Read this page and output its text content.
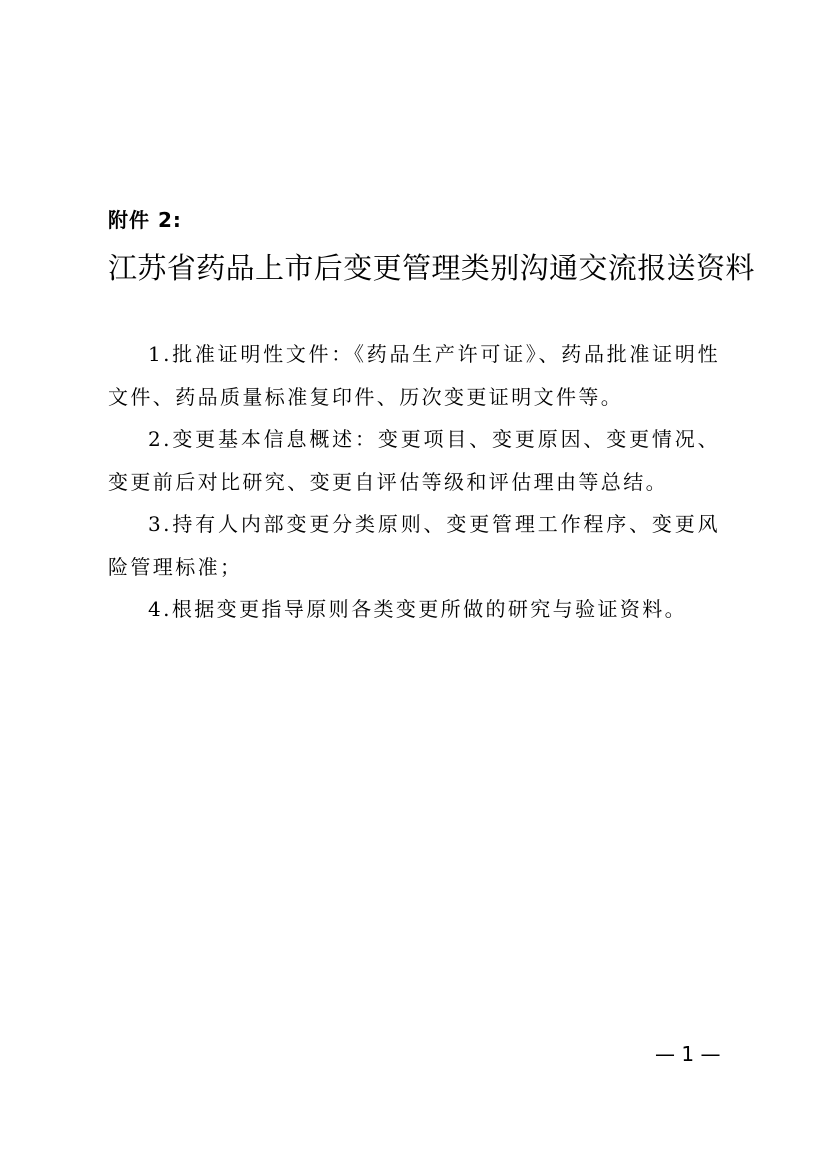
附件 2:
江苏省药品上市后变更管理类别沟通交流报送资料

1.批准证明性文件：《药品生产许可证》、药品批准证明性文件、药品质量标准复印件、历次变更证明文件等。

2.变更基本信息概述：变更项目、变更原因、变更情况、变更前后对比研究、变更自评估等级和评估理由等总结。

3.持有人内部变更分类原则、变更管理工作程序、变更风险管理标准；

4.根据变更指导原则各类变更所做的研究与验证资料。

— 1 —
